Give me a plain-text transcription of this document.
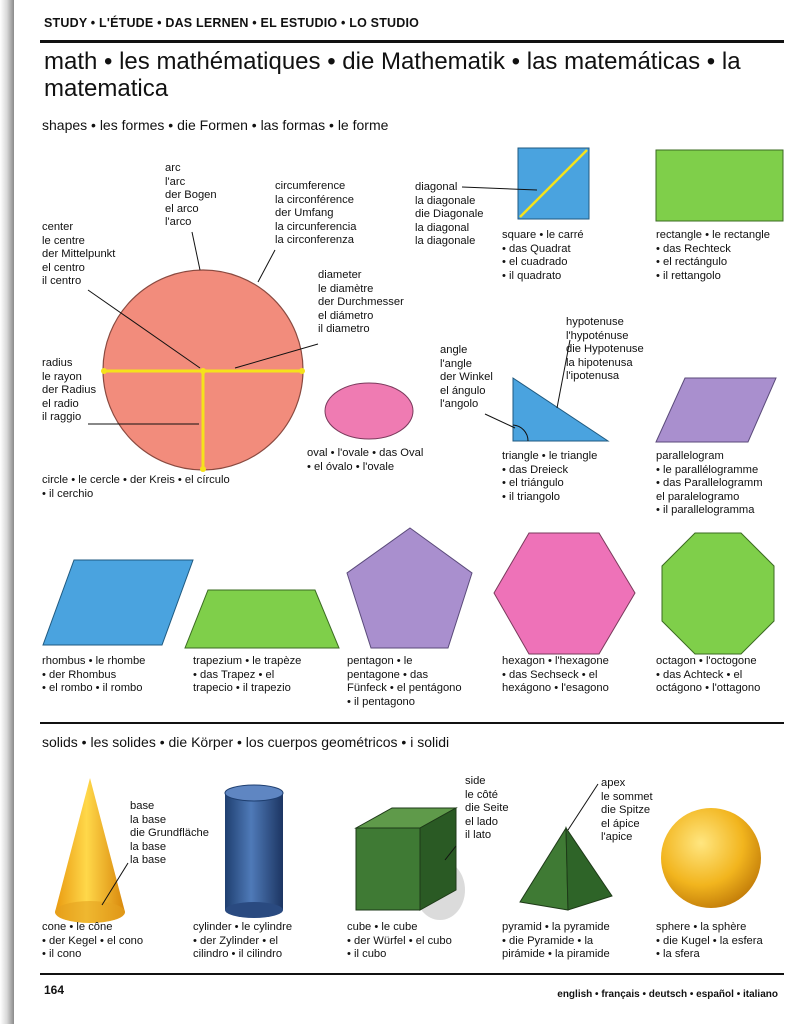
STUDY • L'ÉTUDE • DAS LERNEN • EL ESTUDIO • LO STUDIO
math • les mathématiques • die Mathematik • las matemáticas • la matematica
shapes • les formes • die Formen • las formas • le forme
arc
l'arc
der Bogen
el arco
l'arco
center
le centre
der Mittelpunkt
el centro
il centro
circumference
la circonférence
der Umfang
la circunferencia
la circonferenza
diameter
le diamètre
der Durchmesser
el diámetro
il diametro
radius
le rayon
der Radius
el radio
il raggio
diagonal
la diagonale
die Diagonale
la diagonal
la diagonale
hypotenuse
l'hypoténuse
die Hypotenuse
la hipotenusa
l'ipotenusa
angle
l'angle
der Winkel
el ángulo
l'angolo
circle • le cercle • der Kreis • el círculo
• il cerchio
oval • l'ovale • das Oval
• el óvalo • l'ovale
square • le carré
• das Quadrat
• el cuadrado
• il quadrato
rectangle • le rectangle
• das Rechteck
• el rectángulo
• il rettangolo
triangle • le triangle
• das Dreieck
• el triángulo
• il triangolo
parallelogram
• le parallélogramme
• das Parallelogramm
el paralelogramo
• il parallelogramma
rhombus • le rhombe
• der Rhombus
• el rombo • il rombo
trapezium • le trapèze
• das Trapez • el
trapecio • il trapezio
pentagon • le
pentagone • das
Fünfeck • el pentágono
• il pentagono
hexagon • l'hexagone
• das Sechseck • el
hexágono • l'esagono
octagon • l'octogone
• das Achteck • el
octágono • l'ottagono
solids • les solides • die Körper • los cuerpos geométricos • i solidi
base
la base
die Grundfläche
la base
la base
side
le côté
die Seite
el lado
il lato
apex
le sommet
die Spitze
el ápice
l'apice
cone • le cône
• der Kegel • el cono
• il cono
cylinder • le cylindre
• der Zylinder • el
cilindro • il cilindro
cube • le cube
• der Würfel • el cubo
• il cubo
pyramid • la pyramide
• die Pyramide • la
pirámide • la piramide
sphere • la sphère
• die Kugel • la esfera
• la sfera
164	english • français • deutsch • español • italiano
